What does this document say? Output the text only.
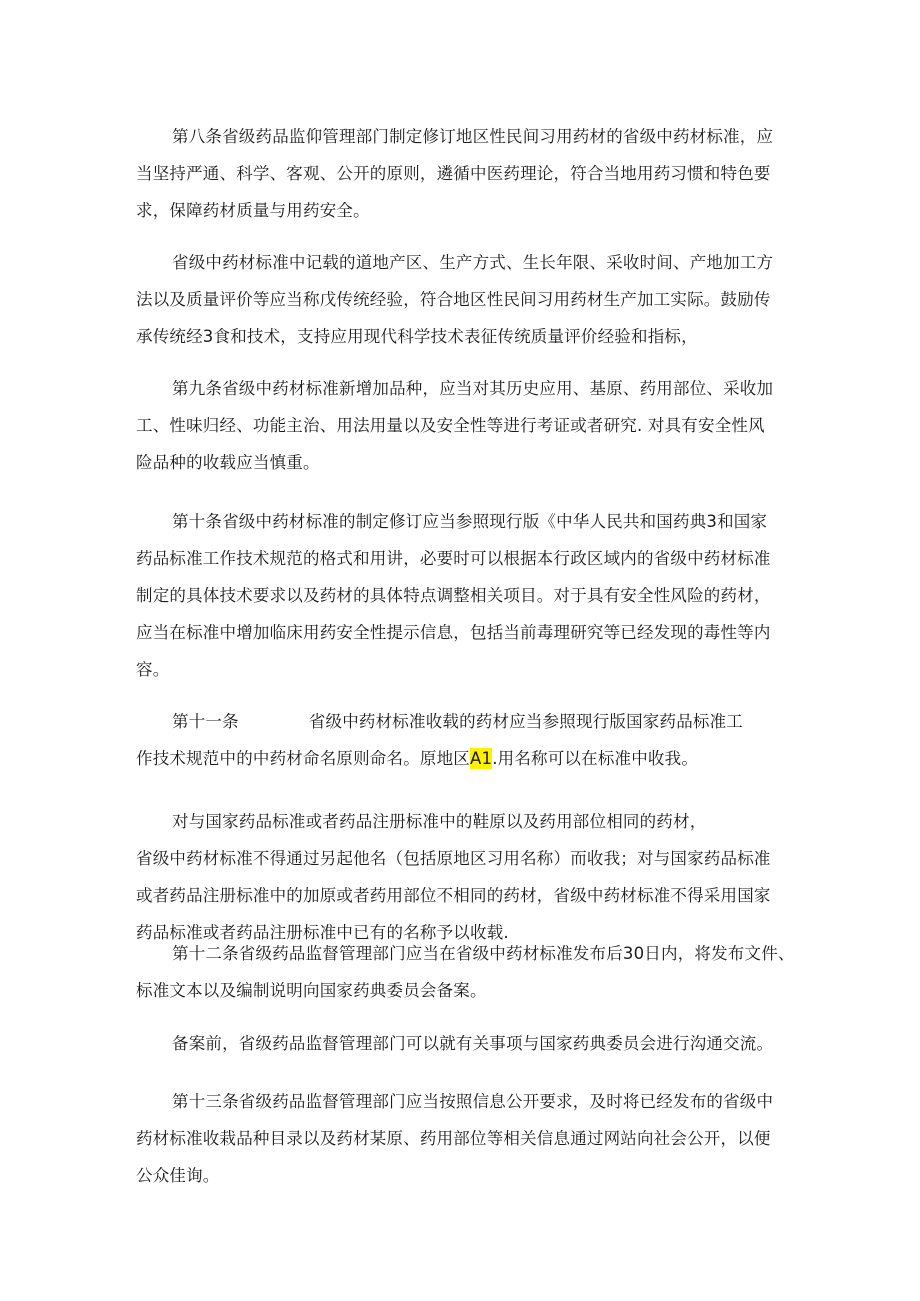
第八条省级药品监仰管理部门制定修订地区性民间习用药材的省级中药材标准，应
当坚持严通、科学、客观、公开的原则，遴循中医药理论，符合当地用药习惯和特色要
求，保障药材质量与用药安全。
省级中药材标准中记载的道地产区、生产方式、生长年限、采收时间、产地加工方
法以及质量评价等应当称戊传统经验，符合地区性民间习用药材生产加工实际。鼓励传
承传统经3食和技术，支持应用现代科学技术表征传统质量评价经验和指标，
第九条省级中药材标准新增加品种，应当对其历史应用、基原、药用部位、采收加
工、性味归经、功能主治、用法用量以及安全性等进行考证或者研究. 对具有安全性风
险品种的收载应当慎重。
第十条省级中药材标准的制定修订应当参照现行版《中华人民共和国药典3和国家
药品标准工作技术规范的格式和用讲，必要时可以根据本行政区域内的省级中药材标准
制定的具体技术要求以及药材的具体特点调整相关项目。对于具有安全性风险的药材，
应当在标准中增加临床用药安全性提示信息，包括当前毒理研究等已经发现的毒性等内
容。
第十一条	省级中药材标准收载的药材应当参照现行版国家药品标准工
作技术规范中的中药材命名原则命名。原地区A1.用名称可以在标准中收我。
对与国家药品标准或者药品注册标准中的鞋原以及药用部位相同的药材，
省级中药材标准不得通过另起他名（包括原地区习用名称）而收我；对与国家药品标准
或者药品注册标准中的加原或者药用部位不相同的药材，省级中药材标准不得采用国家
药品标准或者药品注册标准中已有的名称予以收载.
第十二条省级药品监督管理部门应当在省级中药材标准发布后30日内，将发布文件、
标准文本以及编制说明向国家药典委员会备案。
备案前，省级药品监督管理部门可以就有关事项与国家药典委员会进行沟通交流。
第十三条省级药品监督管理部门应当按照信息公开要求，及时将已经发布的省级中
药材标准收栽品种目录以及药材某原、药用部位等相关信息通过网站向社会公开，以便
公众佳询。
